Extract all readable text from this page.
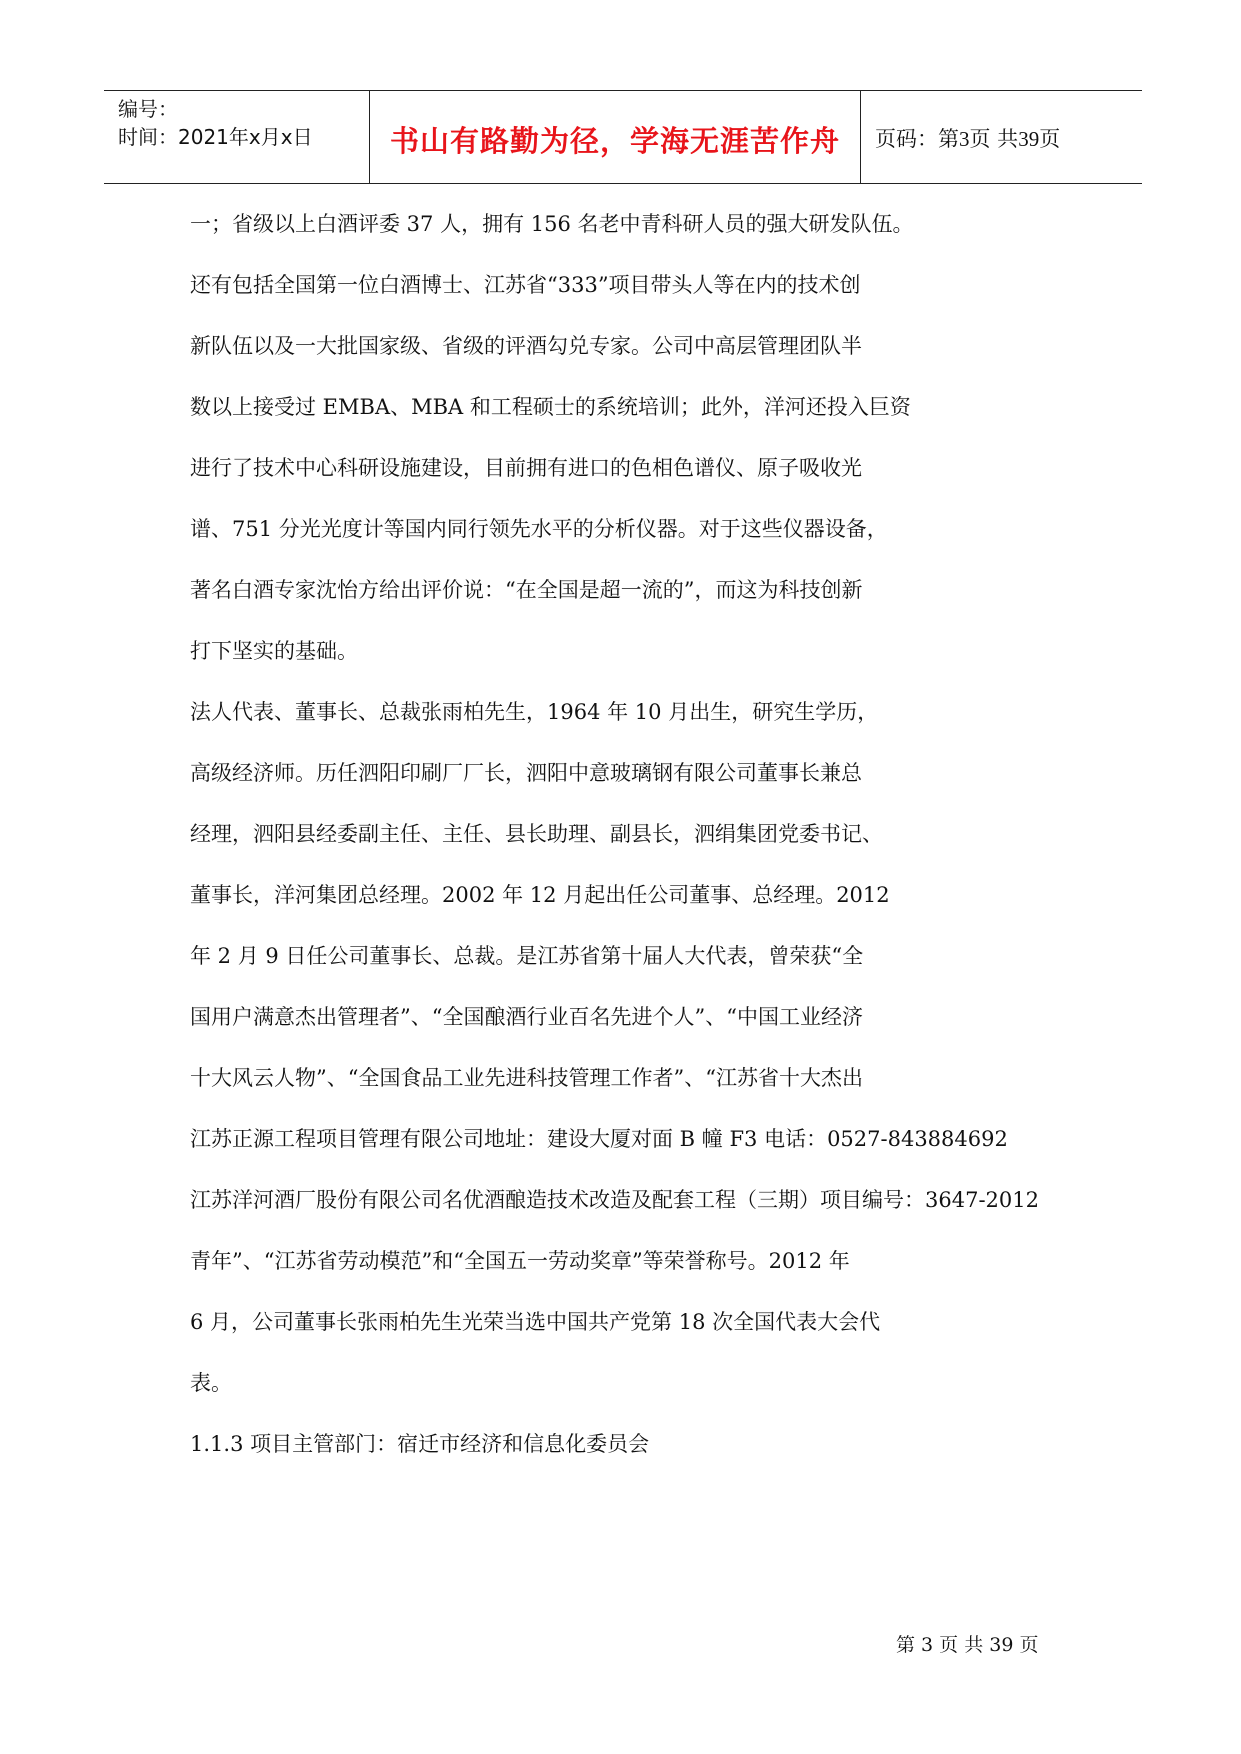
编号：
时间：2021年x月x日	书山有路勤为径，学海无涯苦作舟	页码：第3页 共39页
一；省级以上白酒评委 37 人，拥有 156 名老中青科研人员的强大研发队伍。
还有包括全国第一位白酒博士、江苏省“333”项目带头人等在内的技术创
新队伍以及一大批国家级、省级的评酒勾兑专家。公司中高层管理团队半
数以上接受过 EMBA、MBA 和工程硕士的系统培训；此外，洋河还投入巨资
进行了技术中心科研设施建设，目前拥有进口的色相色谱仪、原子吸收光
谱、751 分光光度计等国内同行领先水平的分析仪器。对于这些仪器设备，
著名白酒专家沈怡方给出评价说：“在全国是超一流的”，而这为科技创新
打下坚实的基础。
法人代表、董事长、总裁张雨柏先生，1964 年 10 月出生，研究生学历，
高级经济师。历任泗阳印刷厂厂长，泗阳中意玻璃钢有限公司董事长兼总
经理，泗阳县经委副主任、主任、县长助理、副县长，泗绢集团党委书记、
董事长，洋河集团总经理。2002 年 12 月起出任公司董事、总经理。2012
年 2 月 9 日任公司董事长、总裁。是江苏省第十届人大代表，曾荣获“全
国用户满意杰出管理者”、“全国酿酒行业百名先进个人”、“中国工业经济
十大风云人物”、“全国食品工业先进科技管理工作者”、“江苏省十大杰出
江苏正源工程项目管理有限公司地址：建设大厦对面 B 幢 F3 电话：0527-843884692
江苏洋河酒厂股份有限公司名优酒酿造技术改造及配套工程（三期）项目编号：3647-2012
青年”、“江苏省劳动模范”和“全国五一劳动奖章”等荣誉称号。2012 年
6 月，公司董事长张雨柏先生光荣当选中国共产党第 18 次全国代表大会代
表。
1.1.3 项目主管部门：宿迁市经济和信息化委员会
第 3 页 共 39 页
